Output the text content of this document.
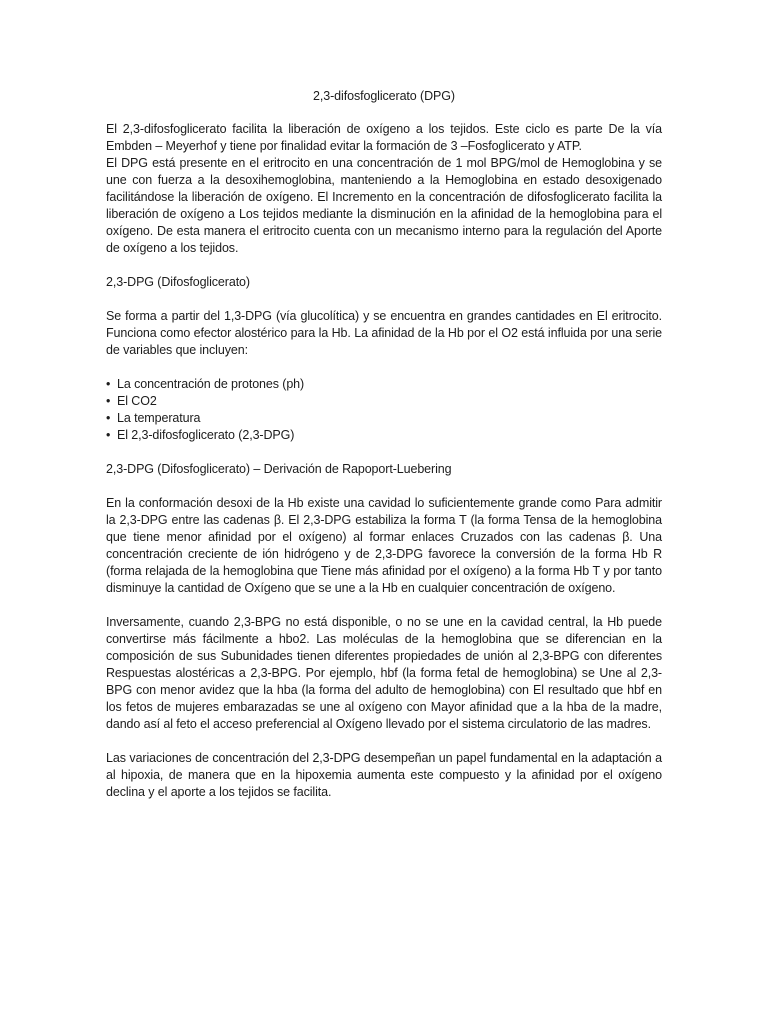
2,3-difosfoglicerato (DPG)

El 2,3-difosfoglicerato facilita la liberación de oxígeno a los tejidos. Este ciclo es parte De la vía Embden – Meyerhof y tiene por finalidad evitar la formación de 3 –Fosfoglicerato y ATP.

El DPG está presente en el eritrocito en una concentración de 1 mol BPG/mol de Hemoglobina y se une con fuerza a la desoxihemoglobina, manteniendo a la Hemoglobina en estado desoxigenado facilitándose la liberación de oxígeno. El Incremento en la concentración de difosfoglicerato facilita la liberación de oxígeno a Los tejidos mediante la disminución en la afinidad de la hemoglobina para el oxígeno. De esta manera el eritrocito cuenta con un mecanismo interno para la regulación del Aporte de oxígeno a los tejidos.

2,3-DPG (Difosfoglicerato)

Se forma a partir del 1,3-DPG (vía glucolítica) y se encuentra en grandes cantidades en El eritrocito. Funciona como efector alostérico para la Hb. La afinidad de la Hb por el O2 está influida por una serie de variables que incluyen:

• La concentración de protones (ph)
• El CO2
• La temperatura
• El 2,3-difosfoglicerato (2,3-DPG)

2,3-DPG (Difosfoglicerato) – Derivación de Rapoport-Luebering

En la conformación desoxi de la Hb existe una cavidad lo suficientemente grande como Para admitir la 2,3-DPG entre las cadenas β. El 2,3-DPG estabiliza la forma T (la forma Tensa de la hemoglobina que tiene menor afinidad por el oxígeno) al formar enlaces Cruzados con las cadenas β. Una concentración creciente de ión hidrógeno y de 2,3-DPG favorece la conversión de la forma Hb R (forma relajada de la hemoglobina que Tiene más afinidad por el oxígeno) a la forma Hb T y por tanto disminuye la cantidad de Oxígeno que se une a la Hb en cualquier concentración de oxígeno.

Inversamente, cuando 2,3-BPG no está disponible, o no se une en la cavidad central, la Hb puede convertirse más fácilmente a hbo2. Las moléculas de la hemoglobina que se diferencian en la composición de sus Subunidades tienen diferentes propiedades de unión al 2,3-BPG con diferentes Respuestas alostéricas a 2,3-BPG. Por ejemplo, hbf (la forma fetal de hemoglobina) se Une al 2,3-BPG con menor avidez que la hba (la forma del adulto de hemoglobina) con El resultado que hbf en los fetos de mujeres embarazadas se une al oxígeno con Mayor afinidad que a la hba de la madre, dando así al feto el acceso preferencial al Oxígeno llevado por el sistema circulatorio de las madres.

Las variaciones de concentración del 2,3-DPG desempeñan un papel fundamental en la adaptación a al hipoxia, de manera que en la hipoxemia aumenta este compuesto y la afinidad por el oxígeno declina y el aporte a los tejidos se facilita.
